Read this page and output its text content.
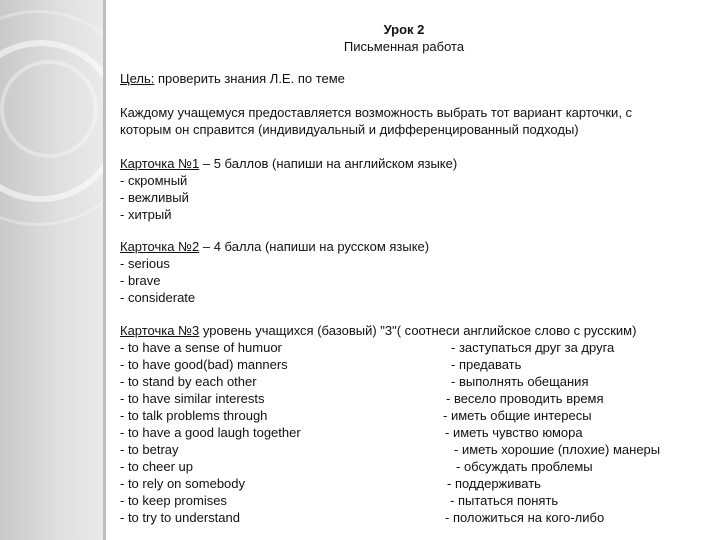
Урок 2
Письменная работа
Цель: проверить знания Л.Е. по теме
Каждому учащемуся предоставляется возможность выбрать тот вариант карточки, с
которым он справится (индивидуальный и дифференцированный подходы)
Карточка №1 – 5 баллов (напиши на английском языке)
- скромный
- вежливый
- хитрый
Карточка №2 – 4 балла (напиши на русском языке)
- serious
- brave
- considerate
Карточка №3 уровень учащихся (базовый) "3"( соотнеси английское слово с русским)
- to have a sense of humuor	- заступаться друг за друга
- to have good(bad) manners	- предавать
- to stand by each other	- выполнять обещания
- to have similar interests	- весело проводить время
- to talk problems through	- иметь общие интересы
- to have a good laugh together	- иметь чувство юмора
- to betray	- иметь хорошие (плохие) манеры
- to cheer up	- обсуждать проблемы
- to rely on somebody	- поддерживать
- to keep promises	- пытаться понять
- to try to understand	- положиться на кого-либо
